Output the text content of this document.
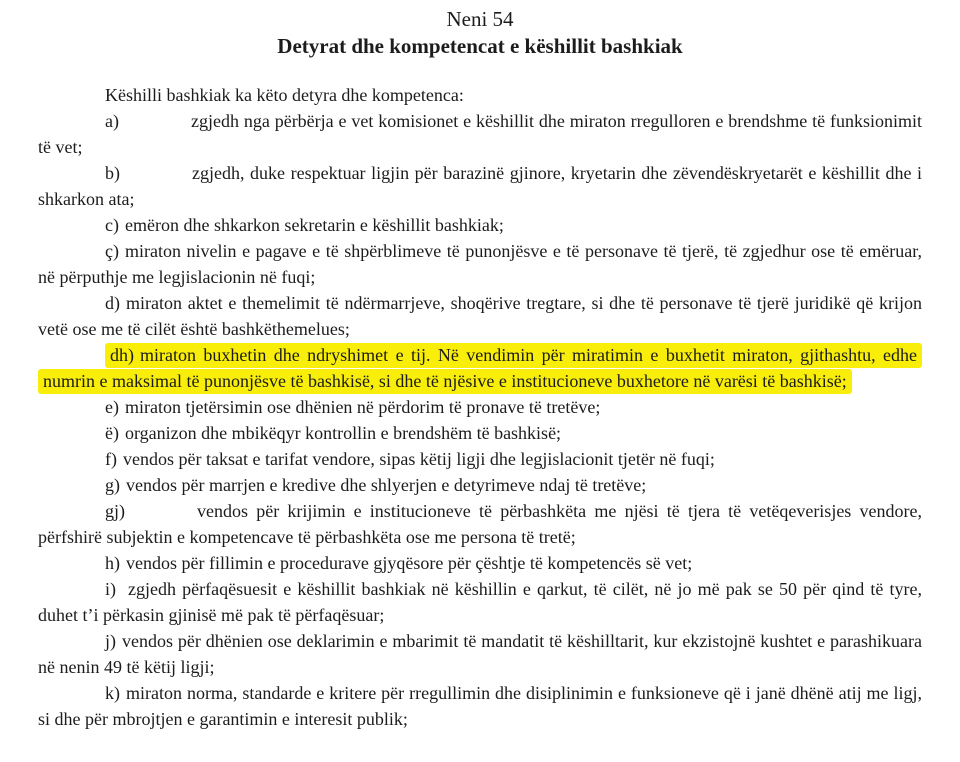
Neni 54

Detyrat dhe kompetencat e këshillit bashkiak

Këshilli bashkiak ka këto detyra dhe kompetenca:

a)	zgjedh nga përbërja e vet komisionet e këshillit dhe miraton rregulloren e brendshme të funksionimit të vet;

b)	zgjedh, duke respektuar ligjin për barazinë gjinore, kryetarin dhe zëvendëskryetarët e këshillit dhe i shkarkon ata;

c) emëron dhe shkarkon sekretarin e këshillit bashkiak;

ç) miraton nivelin e pagave e të shpërblimeve të punonjësve e të personave të tjerë, të zgjedhur ose të emëruar, në përputhje me legjislacionin në fuqi;

d) miraton aktet e themelimit të ndërmarrjeve, shoqërive tregtare, si dhe të personave të tjerë juridikë që krijon vetë ose me të cilët është bashkëthemelues;

dh) miraton buxhetin dhe ndryshimet e tij. Në vendimin për miratimin e buxhetit miraton, gjithashtu, edhe numrin e maksimal të punonjësve të bashkisë, si dhe të njësive e institucioneve buxhetore në varësi të bashkisë;

e) miraton tjetërsimin ose dhënien në përdorim të pronave të tretëve;

ë) organizon dhe mbikëqyr kontrollin e brendshëm të bashkisë;

f) vendos për taksat e tarifat vendore, sipas këtij ligji dhe legjislacionit tjetër në fuqi;

g) vendos për marrjen e kredive dhe shlyerjen e detyrimeve ndaj të tretëve;

gj)	vendos për krijimin e institucioneve të përbashkëta me njësi të tjera të vetëqeverisjes vendore, përfshirë subjektin e kompetencave të përbashkëta ose me persona të tretë;

h) vendos për fillimin e procedurave gjyqësore për çështje të kompetencës së vet;

i) zgjedh përfaqësuesit e këshillit bashkiak në këshillin e qarkut, të cilët, në jo më pak se 50 për qind të tyre, duhet t’i përkasin gjinisë më pak të përfaqësuar;

j) vendos për dhënien ose deklarimin e mbarimit të mandatit të këshilltarit, kur ekzistojnë kushtet e parashikuara në nenin 49 të këtij ligji;

k) miraton norma, standarde e kritere për rregullimin dhe disiplinimin e funksioneve që i janë dhënë atij me ligj, si dhe për mbrojtjen e garantimin e interesit publik;
